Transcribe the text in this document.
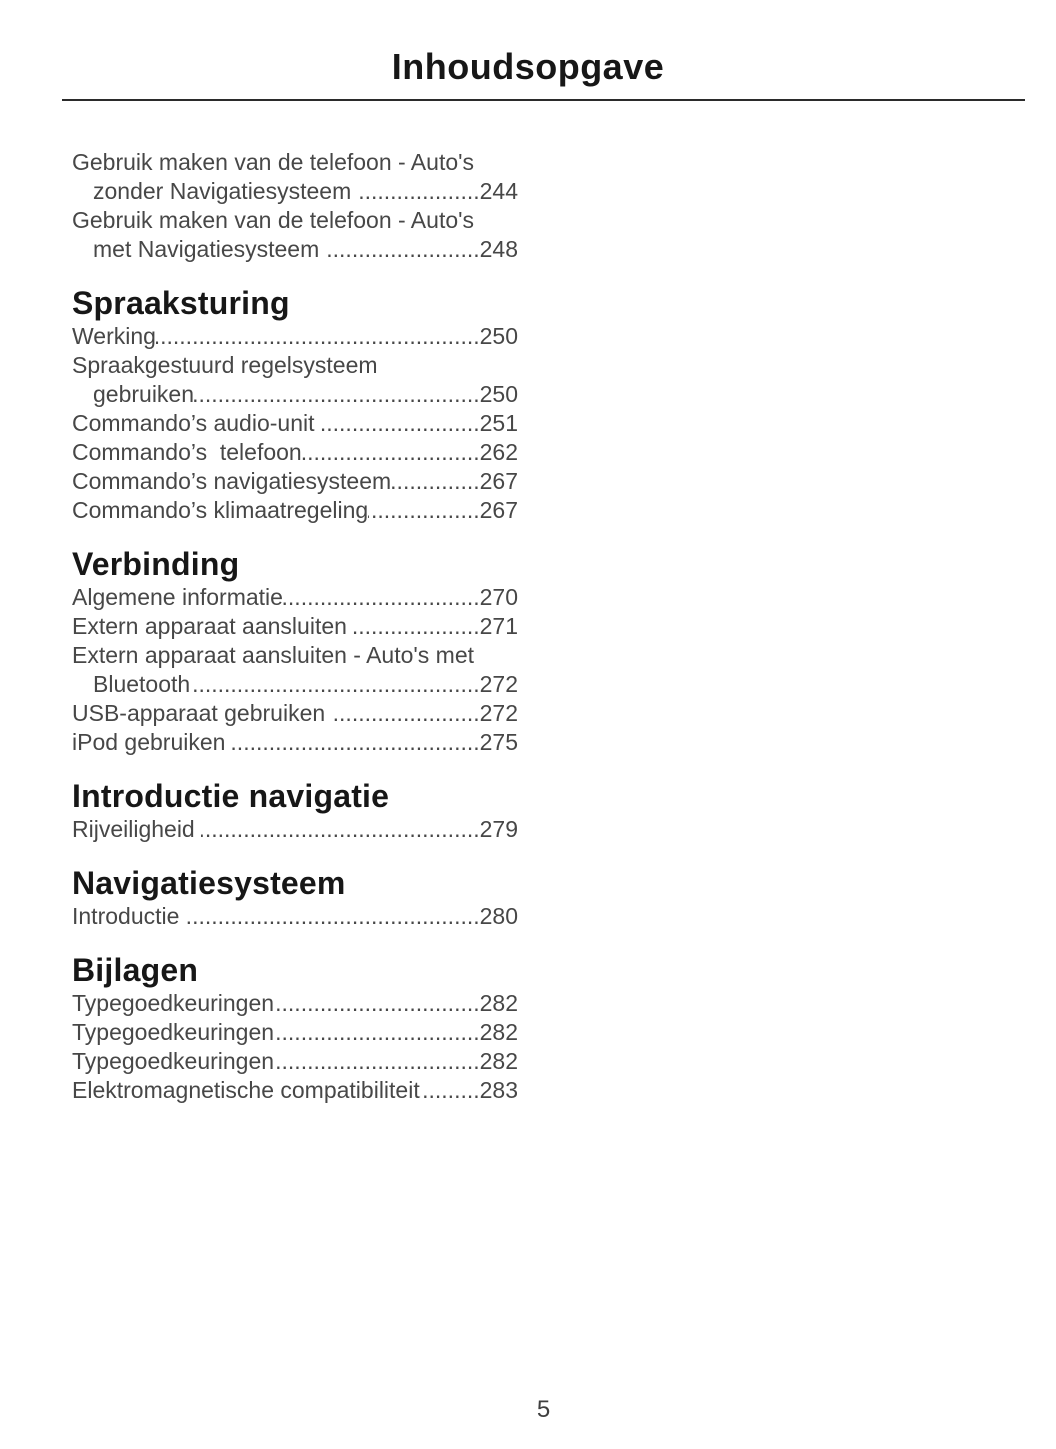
Inhoudsopgave
Gebruik maken van de telefoon - Auto's
zonder Navigatiesysteem .....	244
Gebruik maken van de telefoon - Auto's
met Navigatiesysteem .....	248
Spraaksturing
Werking .....	250
Spraakgestuurd regelsysteem
gebruiken .....	250
Commando’s audio-unit .....	251
Commando’s  telefoon .....	262
Commando’s navigatiesysteem .....	267
Commando’s klimaatregeling .....	267
Verbinding
Algemene informatie .....	270
Extern apparaat aansluiten .....	271
Extern apparaat aansluiten - Auto's met
Bluetooth .....	272
USB-apparaat gebruiken .....	272
iPod gebruiken .....	275
Introductie navigatie
Rijveiligheid .....	279
Navigatiesysteem
Introductie .....	280
Bijlagen
Typegoedkeuringen .....	282
Typegoedkeuringen .....	282
Typegoedkeuringen .....	282
Elektromagnetische compatibiliteit .....	283
5
